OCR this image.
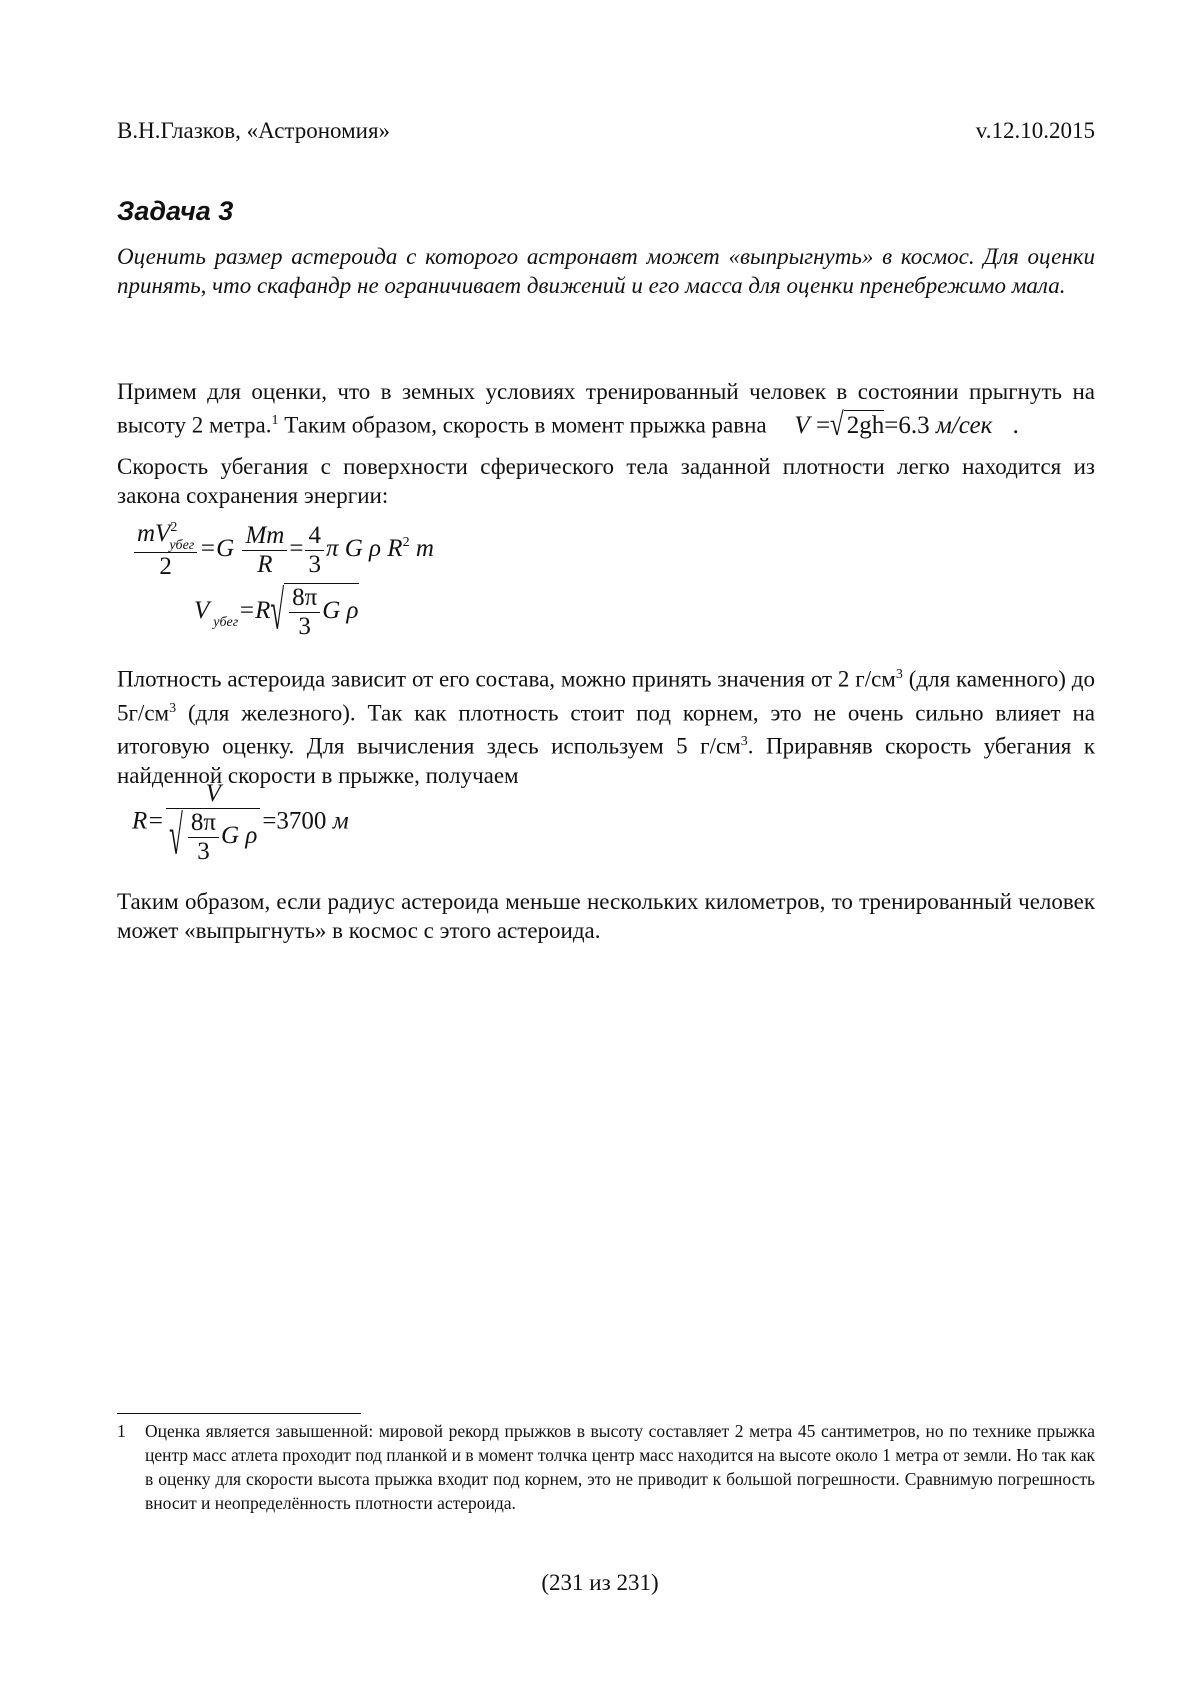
В.Н.Глазков, «Астрономия»	v.12.10.2015
Задача 3
Оценить размер астероида с которого астронавт может «выпрыгнуть» в космос. Для оценки принять, что скафандр не ограничивает движений и его масса для оценки пренебрежимо мала.
Примем для оценки, что в земных условиях тренированный человек в состоянии прыгнуть на высоту 2 метра.$^1$ Таким образом, скорость в момент прыжка равна V =√ 2gh=6.3 м/сек .
Скорость убегания с поверхности сферического тела заданной плотности легко находится из закона сохранения энергии:
$\frac{mV^2_{убег}}{2} =G \frac{Mm}{R} = \frac{4}{3}$ π G ρ $R^2$ m
V $_{убег}=R√ \frac{8\pi}{3}$ G ρ
Плотность астероида зависит от его состава, можно принять значения от 2 $г/см^3$ (для каменного) до $5г/см^3$ (для железного). Так как плотность стоит под корнем, это не очень сильно влияет на итоговую оценку. Для вычисления здесь используем 5 $г/см^3$. Приравняв скорость убегания к найденной скорости в прыжке, получаем
$R= \frac{V}{√ \frac{8\pi}{3} G \rho} =3700$ м
Таким образом, если радиус астероида меньше нескольких километров, то тренированный человек может «выпрыгнуть» в космос с этого астероида.
1 Оценка является завышенной: мировой рекорд прыжков в высоту составляет 2 метра 45 сантиметров, но по технике прыжка центр масс атлета проходит под планкой и в момент толчка центр масс находится на высоте около 1 метра от земли. Но так как в оценку для скорости высота прыжка входит под корнем, это не приводит к большой погрешности. Сравнимую погрешность вносит и неопределённость плотности астероида.
(231 из 231)
